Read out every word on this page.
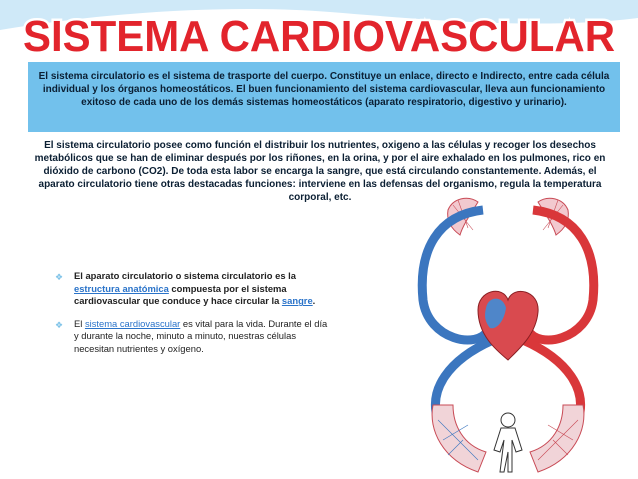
SISTEMA CARDIOVASCULAR
El sistema circulatorio es el sistema de trasporte del cuerpo. Constituye un enlace, directo e Indirecto, entre cada célula individual y los órganos homeostáticos. El buen funcionamiento del sistema cardiovascular, lleva aun funcionamiento exitoso de cada uno de los demás sistemas homeostáticos (aparato respiratorio, digestivo y urinario).
El sistema circulatorio posee como función el distribuir los nutrientes, oxigeno a las células y recoger los desechos metabólicos que se han de eliminar después por los riñones, en la orina, y por el aire exhalado en los pulmones, rico en dióxido de carbono (CO2). De toda esta labor se encarga la sangre, que está circulando constantemente. Además, el aparato circulatorio tiene otras destacadas funciones: interviene en las defensas del organismo, regula la temperatura corporal, etc.
❖ El aparato circulatorio o sistema circulatorio es la estructura anatómica compuesta por el sistema cardiovascular que conduce y hace circular la sangre.
❖ El sistema cardiovascular es vital para la vida. Durante el día y durante la noche, minuto a minuto, nuestras células necesitan nutrientes y oxígeno.
